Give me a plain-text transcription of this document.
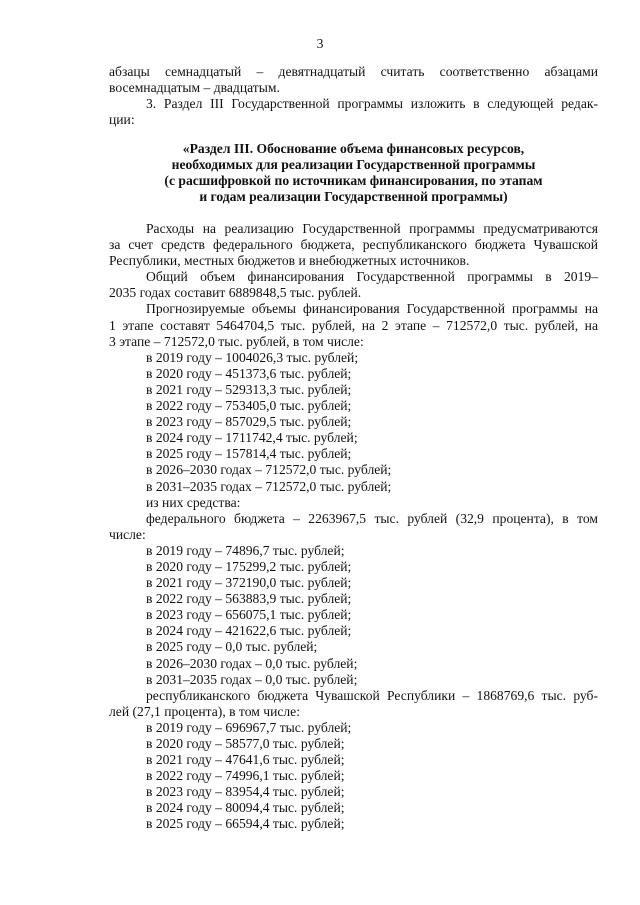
3
абзацы семнадцатый – девятнадцатый считать соответственно абзацами
восемнадцатым – двадцатым.
3. Раздел III Государственной программы изложить в следующей редак-
ции:
«Раздел III. Обоснование объема финансовых ресурсов,
необходимых для реализации Государственной программы
(с расшифровкой по источникам финансирования, по этапам
и годам реализации Государственной программы)
Расходы на реализацию Государственной программы предусматриваются
за счет средств федерального бюджета, республиканского бюджета Чувашской
Республики, местных бюджетов и внебюджетных источников.
Общий объем финансирования Государственной программы в 2019–
2035 годах составит 6889848,5 тыс. рублей.
Прогнозируемые объемы финансирования Государственной программы на
1 этапе составят 5464704,5 тыс. рублей, на 2 этапе – 712572,0 тыс. рублей, на
3 этапе – 712572,0 тыс. рублей, в том числе:
в 2019 году – 1004026,3 тыс. рублей;
в 2020 году – 451373,6 тыс. рублей;
в 2021 году – 529313,3 тыс. рублей;
в 2022 году – 753405,0 тыс. рублей;
в 2023 году – 857029,5 тыс. рублей;
в 2024 году – 1711742,4 тыс. рублей;
в 2025 году – 157814,4 тыс. рублей;
в 2026–2030 годах – 712572,0 тыс. рублей;
в 2031–2035 годах – 712572,0 тыс. рублей;
из них средства:
федерального бюджета – 2263967,5 тыс. рублей (32,9 процента), в том
числе:
в 2019 году – 74896,7 тыс. рублей;
в 2020 году – 175299,2 тыс. рублей;
в 2021 году – 372190,0 тыс. рублей;
в 2022 году – 563883,9 тыс. рублей;
в 2023 году – 656075,1 тыс. рублей;
в 2024 году – 421622,6 тыс. рублей;
в 2025 году – 0,0 тыс. рублей;
в 2026–2030 годах – 0,0 тыс. рублей;
в 2031–2035 годах – 0,0 тыс. рублей;
республиканского бюджета Чувашской Республики – 1868769,6 тыс. руб-
лей (27,1 процента), в том числе:
в 2019 году – 696967,7 тыс. рублей;
в 2020 году – 58577,0 тыс. рублей;
в 2021 году – 47641,6 тыс. рублей;
в 2022 году – 74996,1 тыс. рублей;
в 2023 году – 83954,4 тыс. рублей;
в 2024 году – 80094,4 тыс. рублей;
в 2025 году – 66594,4 тыс. рублей;
